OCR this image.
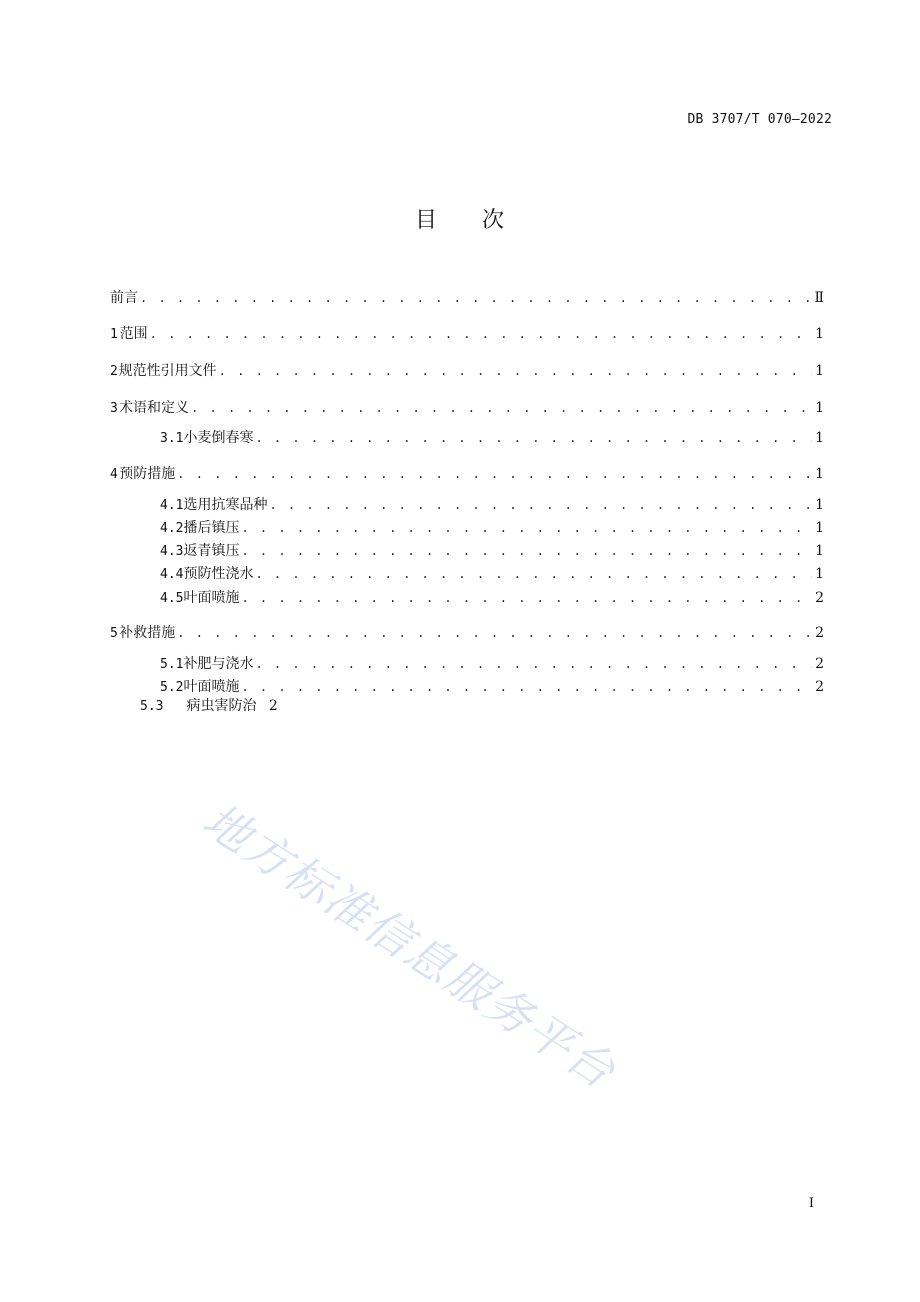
DB 3707/T 070—2022
目 次
前言 . . .	Ⅱ
1 范围 . . .	1
2 规范性引用文件 . . .	1
3 术语和定义 . . .	1
3.1 小麦倒春寒 . . .	1
4 预防措施 . . .	1
4.1 选用抗寒品种 . . .	1
4.2 播后镇压 . . .	1
4.3 返青镇压 . . .	1
4.4 预防性浇水 . . .	1
4.5 叶面喷施 . . .	2
5 补救措施 . . .	2
5.1 补肥与浇水 . . .	2
5.2 叶面喷施 . . .	2
5.3 病虫害防治 2
地方标准信息服务平台
I
